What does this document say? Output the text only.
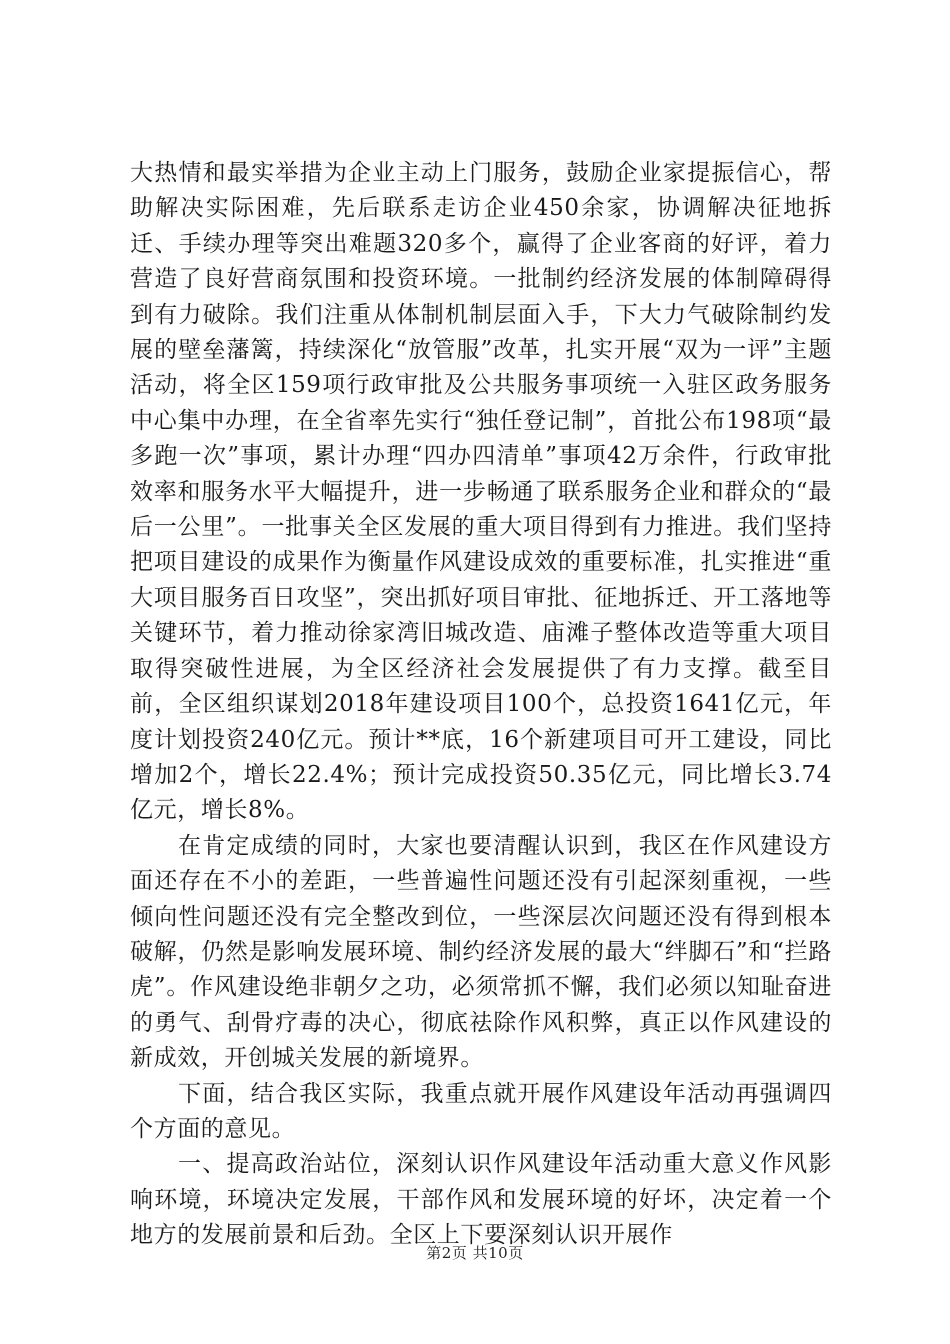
大热情和最实举措为企业主动上门服务，鼓励企业家提振信心，帮助解决实际困难，先后联系走访企业450余家，协调解决征地拆迁、手续办理等突出难题320多个，赢得了企业客商的好评，着力营造了良好营商氛围和投资环境。一批制约经济发展的体制障碍得到有力破除。我们注重从体制机制层面入手，下大力气破除制约发展的壁垒藩篱，持续深化“放管服”改革，扎实开展“双为一评”主题活动，将全区159项行政审批及公共服务事项统一入驻区政务服务中心集中办理，在全省率先实行“独任登记制”，首批公布198项“最多跑一次”事项，累计办理“四办四清单”事项42万余件，行政审批效率和服务水平大幅提升，进一步畅通了联系服务企业和群众的“最后一公里”。一批事关全区发展的重大项目得到有力推进。我们坚持把项目建设的成果作为衡量作风建设成效的重要标准，扎实推进“重大项目服务百日攻坚”，突出抓好项目审批、征地拆迁、开工落地等关键环节，着力推动徐家湾旧城改造、庙滩子整体改造等重大项目取得突破性进展，为全区经济社会发展提供了有力支撑。截至目前，全区组织谋划2018年建设项目100个，总投资1641亿元，年度计划投资240亿元。预计**底，16个新建项目可开工建设，同比增加2个，增长22.4%；预计完成投资50.35亿元，同比增长3.74亿元，增长8%。

在肯定成绩的同时，大家也要清醒认识到，我区在作风建设方面还存在不小的差距，一些普遍性问题还没有引起深刻重视，一些倾向性问题还没有完全整改到位，一些深层次问题还没有得到根本破解，仍然是影响发展环境、制约经济发展的最大“绊脚石”和“拦路虎”。作风建设绝非朝夕之功，必须常抓不懈，我们必须以知耻奋进的勇气、刮骨疗毒的决心，彻底祛除作风积弊，真正以作风建设的新成效，开创城关发展的新境界。

下面，结合我区实际，我重点就开展作风建设年活动再强调四个方面的意见。

一、提高政治站位，深刻认识作风建设年活动重大意义作风影响环境，环境决定发展，干部作风和发展环境的好坏，决定着一个地方的发展前景和后劲。全区上下要深刻认识开展作

第2页 共10页
